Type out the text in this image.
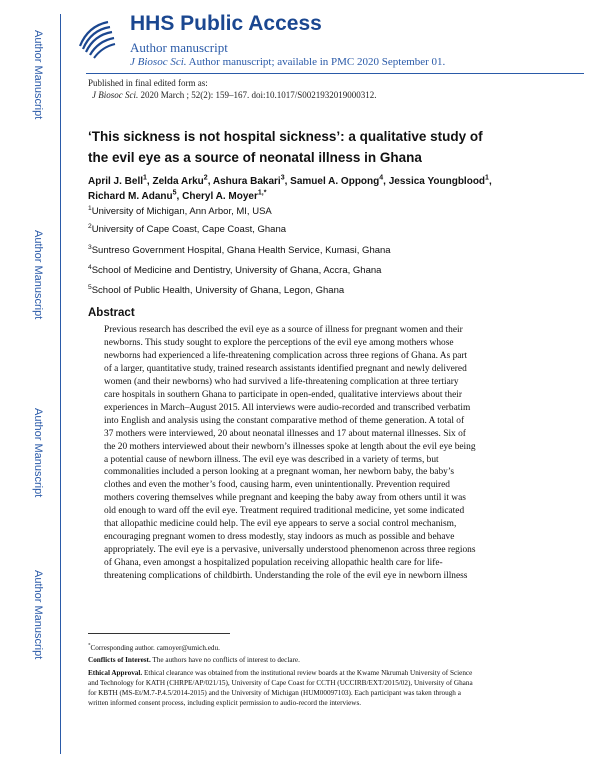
Author Manuscript
Author Manuscript
Author Manuscript
Author Manuscript
HHS Public Access
Author manuscript
J Biosoc Sci. Author manuscript; available in PMC 2020 September 01.
Published in final edited form as:
J Biosoc Sci. 2020 March ; 52(2): 159–167. doi:10.1017/S0021932019000312.
‘This sickness is not hospital sickness’: a qualitative study of
the evil eye as a source of neonatal illness in Ghana
April J. Bell$^1$, Zelda Arku$^2$, Ashura Bakari$^3$, Samuel A. Oppong$^4$, Jessica Youngblood$^1$,
Richard M. Adanu$^5$, Cheryl A. Moyer$^{1,*}$
$^1$University of Michigan, Ann Arbor, MI, USA
$^2$University of Cape Coast, Cape Coast, Ghana
$^3$Suntreso Government Hospital, Ghana Health Service, Kumasi, Ghana
$^4$School of Medicine and Dentistry, University of Ghana, Accra, Ghana
$^5$School of Public Health, University of Ghana, Legon, Ghana
Abstract
Previous research has described the evil eye as a source of illness for pregnant women and their
newborns. This study sought to explore the perceptions of the evil eye among mothers whose
newborns had experienced a life-threatening complication across three regions of Ghana. As part
of a larger, quantitative study, trained research assistants identified pregnant and newly delivered
women (and their newborns) who had survived a life-threatening complication at three tertiary
care hospitals in southern Ghana to participate in open-ended, qualitative interviews about their
experiences in March–August 2015. All interviews were audio-recorded and transcribed verbatim
into English and analysis using the constant comparative method of theme generation. A total of
37 mothers were interviewed, 20 about neonatal illnesses and 17 about maternal illnesses. Six of
the 20 mothers interviewed about their newborn’s illnesses spoke at length about the evil eye being
a potential cause of newborn illness. The evil eye was described in a variety of terms, but
commonalities included a person looking at a pregnant woman, her newborn baby, the baby’s
clothes and even the mother’s food, causing harm, even unintentionally. Prevention required
mothers covering themselves while pregnant and keeping the baby away from others until it was
old enough to ward off the evil eye. Treatment required traditional medicine, yet some indicated
that allopathic medicine could help. The evil eye appears to serve a social control mechanism,
encouraging pregnant women to dress modestly, stay indoors as much as possible and behave
appropriately. The evil eye is a pervasive, universally understood phenomenon across three regions
of Ghana, even amongst a hospitalized population receiving allopathic health care for life-
threatening complications of childbirth. Understanding the role of the evil eye in newborn illness
*Corresponding author. camoyer@umich.edu.
Conflicts of Interest. The authors have no conflicts of interest to declare.
Ethical Approval. Ethical clearance was obtained from the institutional review boards at the Kwame Nkrumah University of Science
and Technology for KATH (CHRPE/AP/021/15), University of Cape Coast for CCTH (UCCIRB/EXT/2015/02), University of Ghana
for KBTH (MS-Et/M.7-P.4.5/2014-2015) and the University of Michigan (HUM00097103). Each participant was taken through a
written informed consent process, including explicit permission to audio-record the interviews.
